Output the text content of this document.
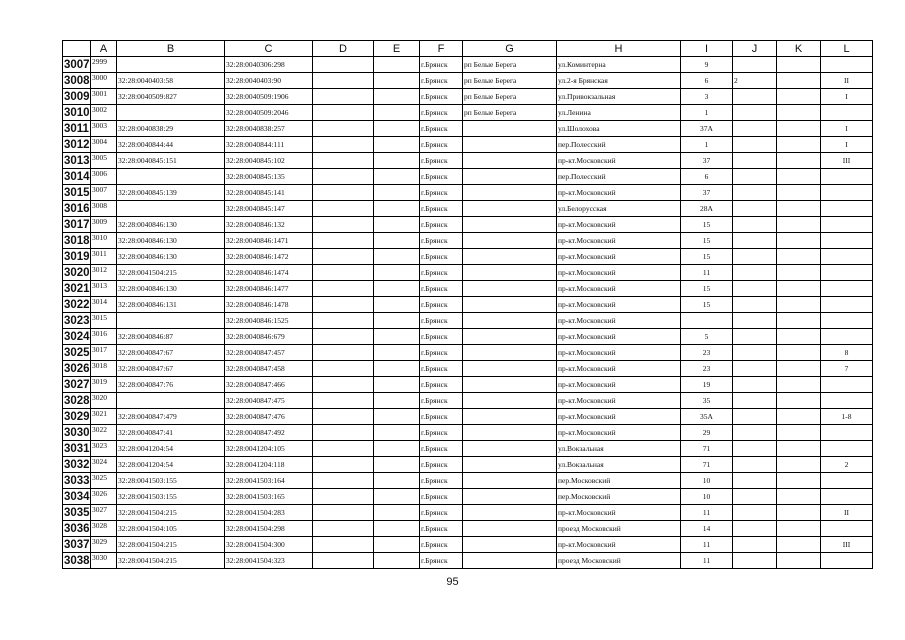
	A	B	C	D	E	F	G	H	I	J	K	L
3007	2999		32:28:0040306:298			г.Брянск	рп Белые Берега	ул.Коминтерна	9			
3008	3000	32:28:0040403:58	32:28:0040403:90			г.Брянск	рп Белые Берега	ул.2-я Брянская	6	2		II
3009	3001	32:28:0040509:827	32:28:0040509:1906			г.Брянск	рп Белые Берега	ул.Привокзальная	3			I
3010	3002		32:28:0040509:2046			г.Брянск	рп Белые Берега	ул.Ленина	1			
3011	3003	32:28:0040838:29	32:28:0040838:257			г.Брянск		ул.Шолохова	37А			I
3012	3004	32:28:0040844:44	32:28:0040844:111			г.Брянск		пер.Полесский	1			I
3013	3005	32:28:0040845:151	32:28:0040845:102			г.Брянск		пр-кт.Московский	37			III
3014	3006		32:28:0040845:135			г.Брянск		пер.Полесский	6			
3015	3007	32:28:0040845:139	32:28:0040845:141			г.Брянск		пр-кт.Московский	37			
3016	3008		32:28:0040845:147			г.Брянск		ул.Белорусская	28А			
3017	3009	32:28:0040846:130	32:28:0040846:132			г.Брянск		пр-кт.Московский	15			
3018	3010	32:28:0040846:130	32:28:0040846:1471			г.Брянск		пр-кт.Московский	15			
3019	3011	32:28:0040846:130	32:28:0040846:1472			г.Брянск		пр-кт.Московский	15			
3020	3012	32:28:0041504:215	32:28:0040846:1474			г.Брянск		пр-кт.Московский	11			
3021	3013	32:28:0040846:130	32:28:0040846:1477			г.Брянск		пр-кт.Московский	15			
3022	3014	32:28:0040846:131	32:28:0040846:1478			г.Брянск		пр-кт.Московский	15			
3023	3015		32:28:0040846:1525			г.Брянск		пр-кт.Московский				
3024	3016	32:28:0040846:87	32:28:0040846:679			г.Брянск		пр-кт.Московский	5			
3025	3017	32:28:0040847:67	32:28:0040847:457			г.Брянск		пр-кт.Московский	23			8
3026	3018	32:28:0040847:67	32:28:0040847:458			г.Брянск		пр-кт.Московский	23			7
3027	3019	32:28:0040847:76	32:28:0040847:466			г.Брянск		пр-кт.Московский	19			
3028	3020		32:28:0040847:475			г.Брянск		пр-кт.Московский	35			
3029	3021	32:28:0040847:479	32:28:0040847:476			г.Брянск		пр-кт.Московский	35А			1-8
3030	3022	32:28:0040847:41	32:28:0040847:492			г.Брянск		пр-кт.Московский	29			
3031	3023	32:28:0041204:54	32:28:0041204:105			г.Брянск		ул.Вокзальная	71			
3032	3024	32:28:0041204:54	32:28:0041204:118			г.Брянск		ул.Вокзальная	71			2
3033	3025	32:28:0041503:155	32:28:0041503:164			г.Брянск		пер.Московский	10			
3034	3026	32:28:0041503:155	32:28:0041503:165			г.Брянск		пер.Московский	10			
3035	3027	32:28:0041504:215	32:28:0041504:283			г.Брянск		пр-кт.Московский	11			II
3036	3028	32:28:0041504:105	32:28:0041504:298			г.Брянск		проезд Московский	14			
3037	3029	32:28:0041504:215	32:28:0041504:300			г.Брянск		пр-кт.Московский	11			III
3038	3030	32:28:0041504:215	32:28:0041504:323			г.Брянск		проезд Московский	11			
95
